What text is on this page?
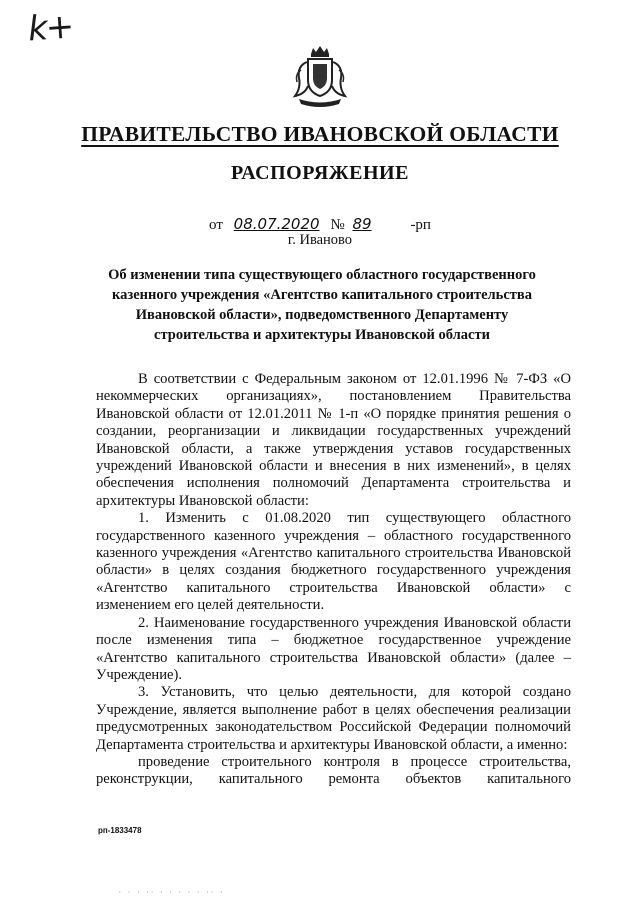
k+
ПРАВИТЕЛЬСТВО ИВАНОВСКОЙ ОБЛАСТИ
РАСПОРЯЖЕНИЕ
от 08.07.2020 № 89	-рп
г. Иваново
Об изменении типа существующего областного государственного казенного учреждения «Агентство капитального строительства Ивановской области», подведомственного Департаменту строительства и архитектуры Ивановской области

В соответствии с Федеральным законом от 12.01.1996 № 7-ФЗ «О некоммерческих организациях», постановлением Правительства Ивановской области от 12.01.2011 № 1-п «О порядке принятия решения о создании, реорганизации и ликвидации государственных учреждений Ивановской области, а также утверждения уставов государственных учреждений Ивановской области и внесения в них изменений», в целях обеспечения исполнения полномочий Департамента строительства и архитектуры Ивановской области:

1. Изменить с 01.08.2020 тип существующего областного государственного казенного учреждения – областного государственного казенного учреждения «Агентство капитального строительства Ивановской области» в целях создания бюджетного государственного учреждения «Агентство капитального строительства Ивановской области» с изменением его целей деятельности.

2. Наименование государственного учреждения Ивановской области после изменения типа – бюджетное государственное учреждение «Агентство капитального строительства Ивановской области» (далее – Учреждение).

3. Установить, что целью деятельности, для которой создано Учреждение, является выполнение работ в целях обеспечения реализации предусмотренных законодательством Российской Федерации полномочий Департамента строительства и архитектуры Ивановской области, а именно:

проведение строительного контроля в процессе строительства, реконструкции, капитального ремонта объектов капитального

рп-1833478
· · · ·· · · · · · ·· ·
